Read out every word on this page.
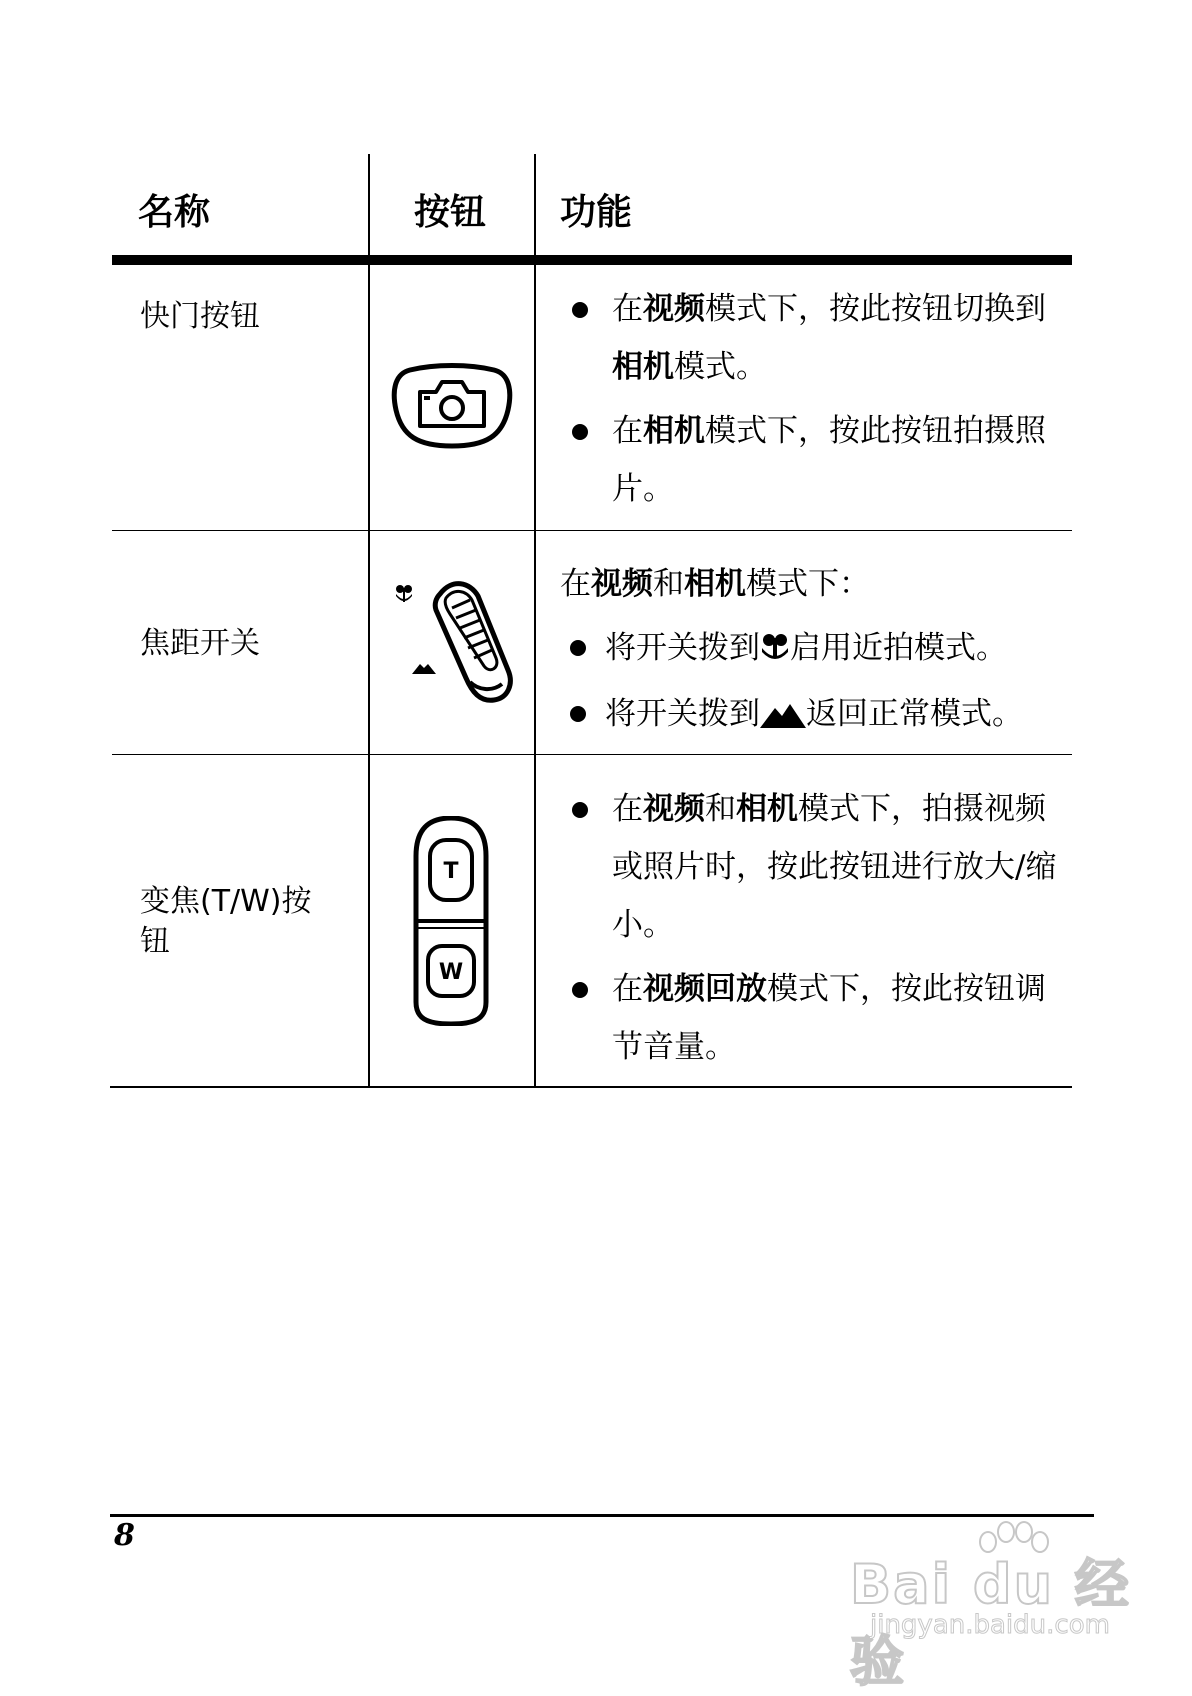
名称	按钮 功能
快门按钮	在视频模式下，按此按钮切换到相机模式。
在相机模式下，按此按钮拍摄照片。
焦距开关
在视频和相机模式下：
将开关拨到 启用近拍模式。
将开关拨到 返回正常模式。
变焦(T/W)按钮
T
W
在视频和相机模式下，拍摄视频或照片时，按此按钮进行放大/缩小。
在视频回放模式下，按此按钮调节音量。
8
Bai du 经验
jingyan.baidu.com
